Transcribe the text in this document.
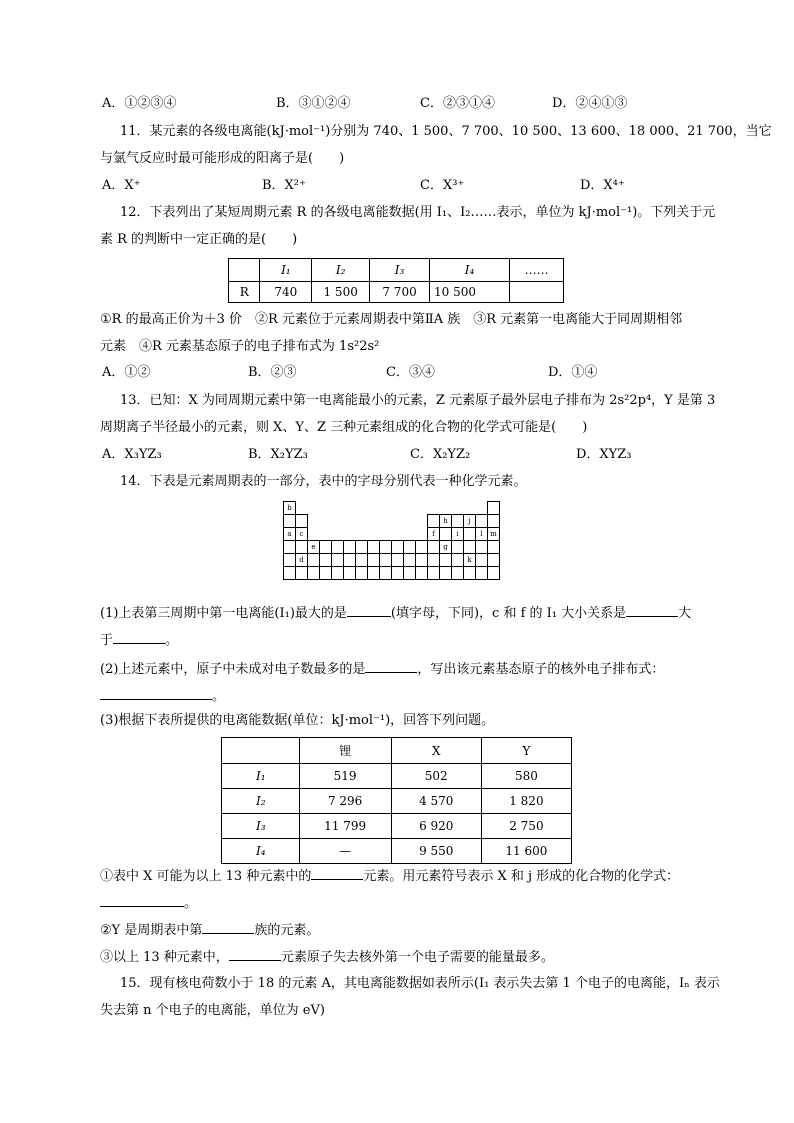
A．①②③④	B．③①②④	C．②③①④	D．②④①③
11．某元素的各级电离能(kJ·mol⁻¹)分别为 740、1 500、7 700、10 500、13 600、18 000、21 700，当它
与氯气反应时最可能形成的阳离子是(　　)
A．X⁺	B．X²⁺	C．X³⁺	D．X⁴⁺
12．下表列出了某短周期元素 R 的各级电离能数据(用 I₁、I₂……表示，单位为 kJ·mol⁻¹)。下列关于元
素 R 的判断中一定正确的是(　　)
	I₁	I₂	I₃	I₄	……
R	740	1 500	7 700	10 500	
①R 的最高正价为＋3 价　②R 元素位于元素周期表中第ⅡA 族　③R 元素第一电离能大于同周期相邻
元素　④R 元素基态原子的电子排布式为 1s²2s²
A．①②	B．②③	C．③④	D．①④
13．已知：X 为同周期元素中第一电离能最小的元素，Z 元素原子最外层电子排布为 2s²2p⁴，Y 是第 3
周期离子半径最小的元素，则 X、Y、Z 三种元素组成的化合物的化学式可能是(　　)
A．X₃YZ₃	B．X₂YZ₃	C．X₂YZ₂	D．XYZ₃
14．下表是元素周期表的一部分，表中的字母分别代表一种化学元素。
b																	
													h		j		
a	c											f		i		l	m
		e											g				
	d														k		

(1)上表第三周期中第一电离能(I₁)最大的是	(填字母，下同)，c 和 f 的 I₁ 大小关系是	大
于	。
(2)上述元素中，原子中未成对电子数最多的是	，写出该元素基态原子的核外电子排布式：
。
(3)根据下表所提供的电离能数据(单位：kJ·mol⁻¹)，回答下列问题。
	锂	X	Y
I₁	519	502	580
I₂	7 296	4 570	1 820
I₃	11 799	6 920	2 750
I₄	—	9 550	11 600
①表中 X 可能为以上 13 种元素中的	元素。用元素符号表示 X 和 j 形成的化合物的化学式：
。
②Y 是周期表中第	族的元素。
③以上 13 种元素中，	元素原子失去核外第一个电子需要的能量最多。
15．现有核电荷数小于 18 的元素 A，其电离能数据如表所示(I₁ 表示失去第 1 个电子的电离能，Iₙ 表示
失去第 n 个电子的电离能，单位为 eV)
